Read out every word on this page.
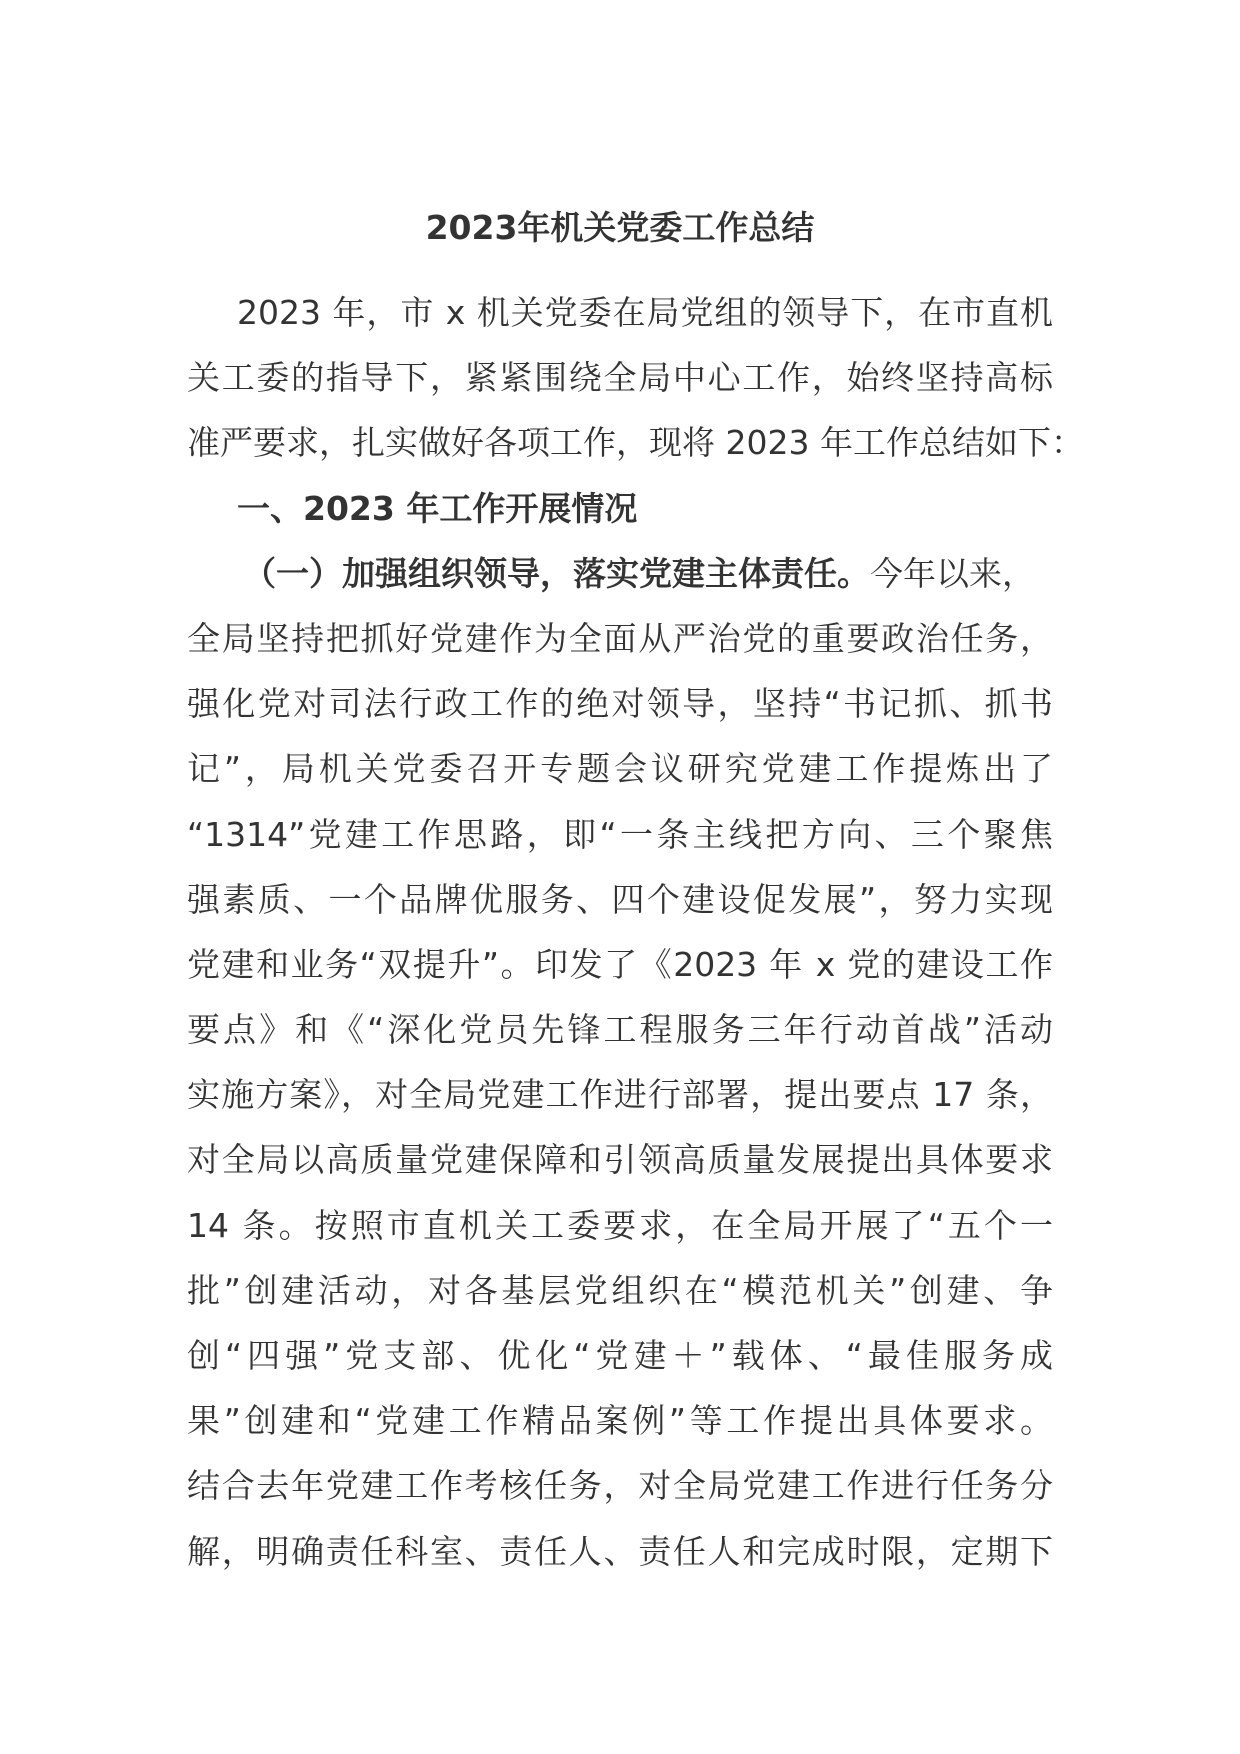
2023年机关党委工作总结
2023 年，市 x 机关党委在局党组的领导下，在市直机
关工委的指导下，紧紧围绕全局中心工作，始终坚持高标
准严要求，扎实做好各项工作，现将 2023 年工作总结如下：
一、2023 年工作开展情况
（一）加强组织领导，落实党建主体责任。今年以来，
全局坚持把抓好党建作为全面从严治党的重要政治任务，
强化党对司法行政工作的绝对领导，坚持“书记抓、抓书
记”，局机关党委召开专题会议研究党建工作提炼出了
“1314”党建工作思路，即“一条主线把方向、三个聚焦
强素质、一个品牌优服务、四个建设促发展”，努力实现
党建和业务“双提升”。印发了《2023 年 x 党的建设工作
要点》和《“深化党员先锋工程服务三年行动首战”活动
实施方案》，对全局党建工作进行部署，提出要点 17 条，
对全局以高质量党建保障和引领高质量发展提出具体要求
14 条。按照市直机关工委要求，在全局开展了“五个一
批”创建活动，对各基层党组织在“模范机关”创建、争
创“四强”党支部、优化“党建＋”载体、“最佳服务成
果”创建和“党建工作精品案例”等工作提出具体要求。
结合去年党建工作考核任务，对全局党建工作进行任务分
解，明确责任科室、责任人、责任人和完成时限，定期下
